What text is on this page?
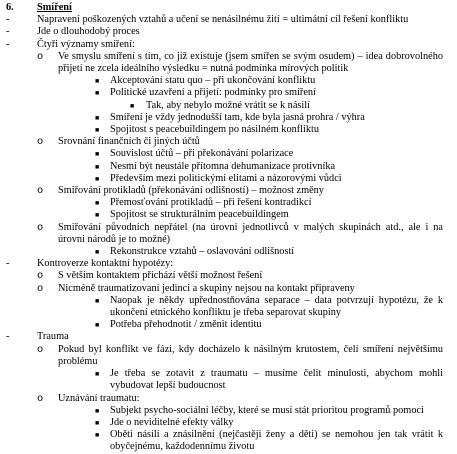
6. Smíření
-	Napravení poškozených vztahů a učení se nenásilnému žití = ultimátní cíl řešení konfliktu
-	Jde o dlouhodobý proces
-	Čtyři významy smíření:
o Ve smyslu smíření s tím, co již existuje (jsem smířen se svým osudem) – idea dobrovolného přijetí ne zcela ideálního výsledku = nutná podmínka mírových politik
■ Akceptování statu quo – při ukončování konfliktu
■ Politické uzavření a přijetí: podmínky pro smíření
■ Tak, aby nebylo možné vrátit se k násilí
■ Smíření je vždy jednodušší tam, kde byla jasná prohra / výhra
■ Spojitost s peacebuildingem po násilném konfliktu
o Srovnání finančních či jiných účtů
■ Souvislost účtů – při překonávání polarizace
■ Nesmí být neustále přítomna dehumanizace protivníka
■ Především mezi politickými elitami a názorovými vůdci
o Smiřování protikladů (překonávání odlišností) – možnost změny
■ Přemosťování protikladů – při řešení kontradikcí
■ Spojitost se strukturálním peacebuildingem
o Smiřování původních nepřátel (na úrovni jednotlivců v malých skupinách atd., ale i na úrovni národů je to možné)
■ Rekonstrukce vztahů – oslavování odlišností
-	Kontroverze kontaktní hypotézy:
o S větším kontaktem přichází větší možnost řešení
o Nicméně traumatizovaní jedinci a skupiny nejsou na kontakt připraveny
■ Naopak je někdy upřednostňována separace – data potvrzují hypotézu, že k ukončení etnického konfliktu je třeba separovat skupiny
■ Potřeba přehodnotit / změnit identitu
-	Trauma
o Pokud byl konflikt ve fázi, kdy docházelo k násilným krutostem, čelí smíření největšímu problému
■ Je třeba se zotavit z traumatu – musíme čelit minulosti, abychom mohli vybudovat lepší budoucnost
o Uznávání traumatu:
■ Subjekt psycho-sociální léčby, které se musí stát prioritou programů pomoci
■ Jde o neviditelné efekty války
■ Oběti násilí a znásilnění (nejčastěji ženy a děti) se nemohou jen tak vrátit k obyčejnému, každodennímu životu
